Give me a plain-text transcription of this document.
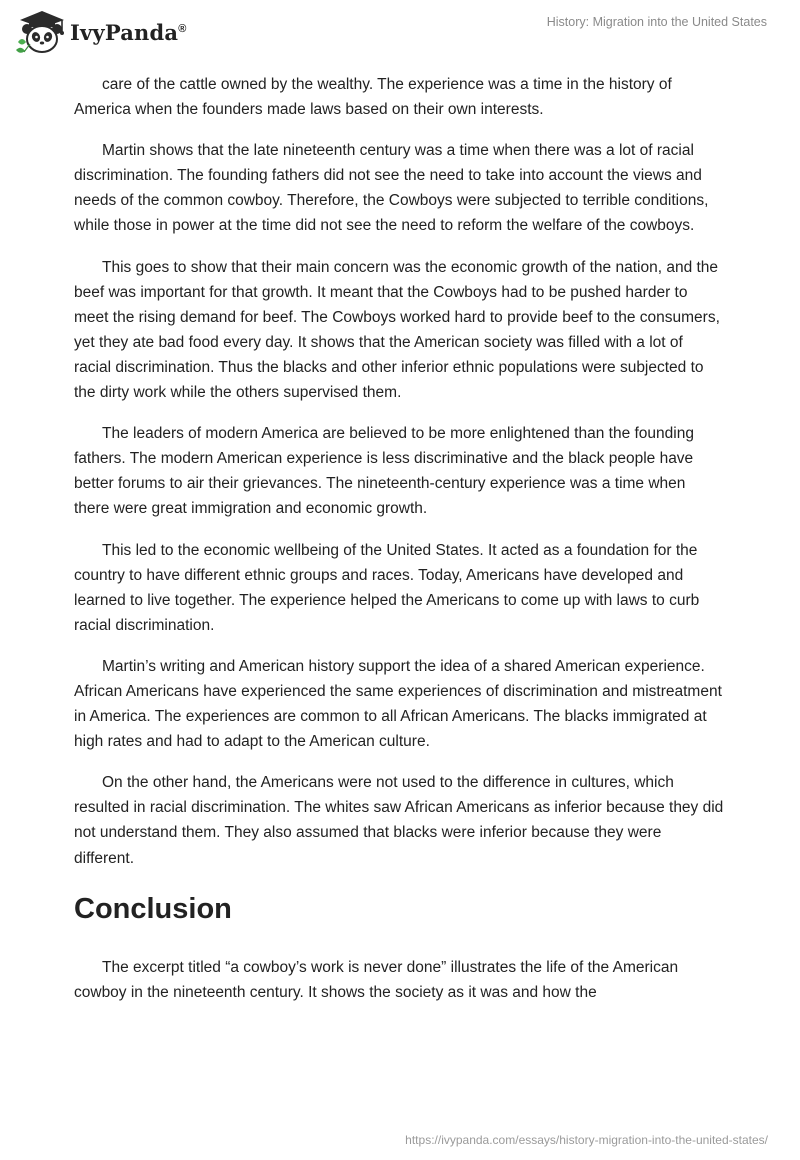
IvyPanda®	History: Migration into the United States

care of the cattle owned by the wealthy. The experience was a time in the history of America when the founders made laws based on their own interests.

Martin shows that the late nineteenth century was a time when there was a lot of racial discrimination. The founding fathers did not see the need to take into account the views and needs of the common cowboy. Therefore, the Cowboys were subjected to terrible conditions, while those in power at the time did not see the need to reform the welfare of the cowboys.

This goes to show that their main concern was the economic growth of the nation, and the beef was important for that growth. It meant that the Cowboys had to be pushed harder to meet the rising demand for beef. The Cowboys worked hard to provide beef to the consumers, yet they ate bad food every day. It shows that the American society was filled with a lot of racial discrimination. Thus the blacks and other inferior ethnic populations were subjected to the dirty work while the others supervised them.

The leaders of modern America are believed to be more enlightened than the founding fathers. The modern American experience is less discriminative and the black people have better forums to air their grievances. The nineteenth-century experience was a time when there were great immigration and economic growth.

This led to the economic wellbeing of the United States. It acted as a foundation for the country to have different ethnic groups and races. Today, Americans have developed and learned to live together. The experience helped the Americans to come up with laws to curb racial discrimination.

Martin’s writing and American history support the idea of a shared American experience. African Americans have experienced the same experiences of discrimination and mistreatment in America. The experiences are common to all African Americans. The blacks immigrated at high rates and had to adapt to the American culture.

On the other hand, the Americans were not used to the difference in cultures, which resulted in racial discrimination. The whites saw African Americans as inferior because they did not understand them. They also assumed that blacks were inferior because they were different.

Conclusion

The excerpt titled “a cowboy’s work is never done” illustrates the life of the American cowboy in the nineteenth century. It shows the society as it was and how the

https://ivypanda.com/essays/history-migration-into-the-united-states/
